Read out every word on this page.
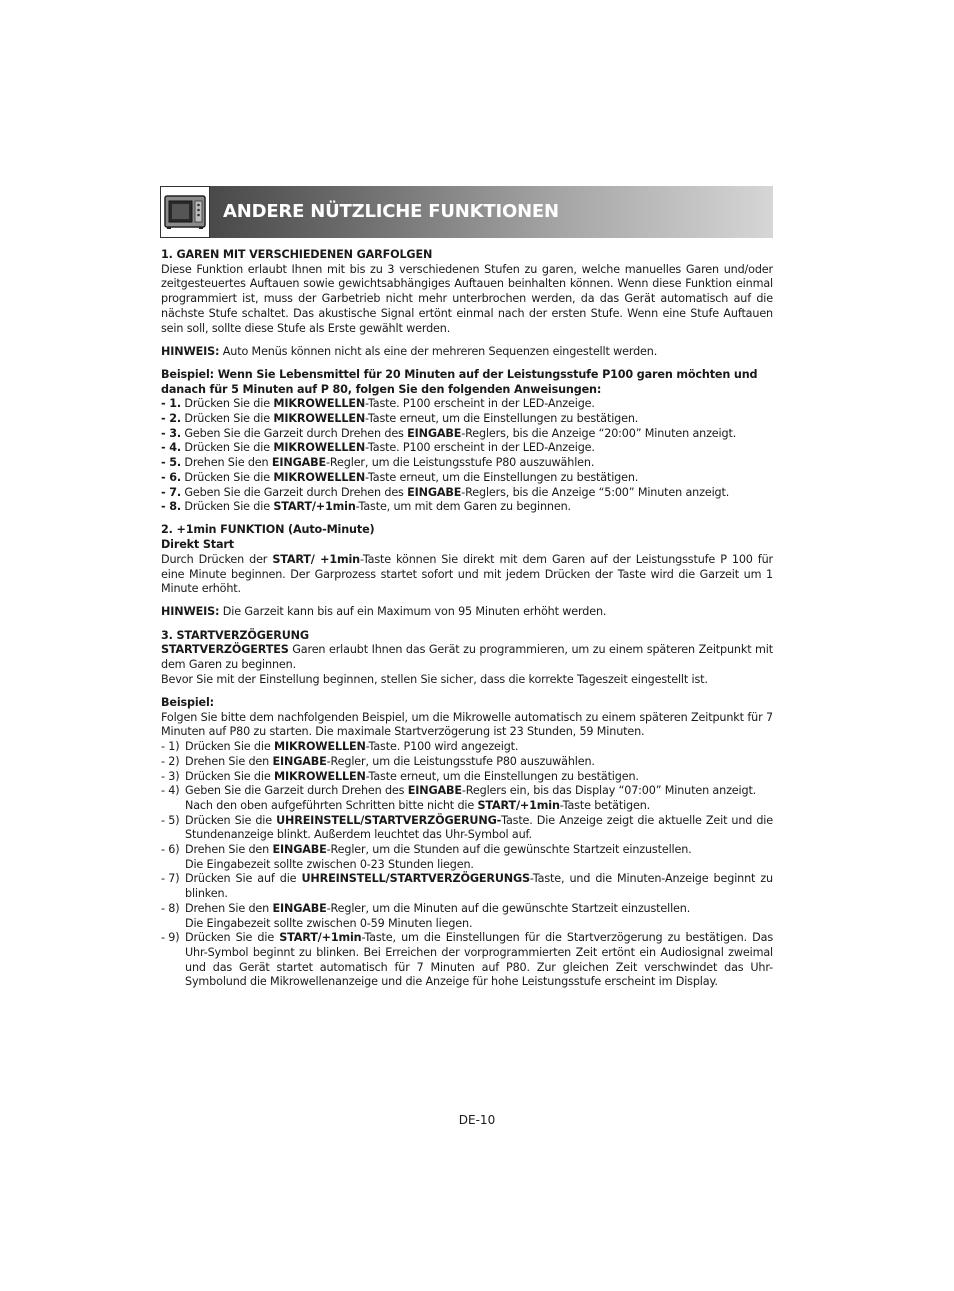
ANDERE NÜTZLICHE FUNKTIONEN

1. GAREN MIT VERSCHIEDENEN GARFOLGEN

Diese Funktion erlaubt Ihnen mit bis zu 3 verschiedenen Stufen zu garen, welche manuelles Garen und/oder zeitgesteuertes Auftauen sowie gewichtsabhängiges Auftauen beinhalten können. Wenn diese Funktion einmal programmiert ist, muss der Garbetrieb nicht mehr unterbrochen werden, da das Gerät automatisch auf die nächste Stufe schaltet. Das akustische Signal ertönt einmal nach der ersten Stufe. Wenn eine Stufe Auftauen sein soll, sollte diese Stufe als Erste gewählt werden.

HINWEIS: Auto Menüs können nicht als eine der mehreren Sequenzen eingestellt werden.

Beispiel: Wenn Sie Lebensmittel für 20 Minuten auf der Leistungsstufe P100 garen möchten und danach für 5 Minuten auf P 80, folgen Sie den folgenden Anweisungen:

- 1. Drücken Sie die MIKROWELLEN-Taste. P100 erscheint in der LED-Anzeige.

- 2. Drücken Sie die MIKROWELLEN-Taste erneut, um die Einstellungen zu bestätigen.

- 3. Geben Sie die Garzeit durch Drehen des EINGABE-Reglers, bis die Anzeige “20:00” Minuten anzeigt.

- 4. Drücken Sie die MIKROWELLEN-Taste. P100 erscheint in der LED-Anzeige.

- 5. Drehen Sie den EINGABE-Regler, um die Leistungsstufe P80 auszuwählen.

- 6. Drücken Sie die MIKROWELLEN-Taste erneut, um die Einstellungen zu bestätigen.

- 7. Geben Sie die Garzeit durch Drehen des EINGABE-Reglers, bis die Anzeige “5:00” Minuten anzeigt.

- 8. Drücken Sie die START/+1min-Taste, um mit dem Garen zu beginnen.

2. +1min FUNKTION (Auto-Minute)

Direkt Start

Durch Drücken der START/ +1min-Taste können Sie direkt mit dem Garen auf der Leistungsstufe P 100 für eine Minute beginnen. Der Garprozess startet sofort und mit jedem Drücken der Taste wird die Garzeit um 1 Minute erhöht.

HINWEIS: Die Garzeit kann bis auf ein Maximum von 95 Minuten erhöht werden.

3. STARTVERZÖGERUNG

STARTVERZÖGERTES Garen erlaubt Ihnen das Gerät zu programmieren, um zu einem späteren Zeitpunkt mit dem Garen zu beginnen.

Bevor Sie mit der Einstellung beginnen, stellen Sie sicher, dass die korrekte Tageszeit eingestellt ist.

Beispiel:

Folgen Sie bitte dem nachfolgenden Beispiel, um die Mikrowelle automatisch zu einem späteren Zeitpunkt für 7 Minuten auf P80 zu starten. Die maximale Startverzögerung ist 23 Stunden, 59 Minuten.

- 1) Drücken Sie die MIKROWELLEN-Taste. P100 wird angezeigt.
- 2) Drehen Sie den EINGABE-Regler, um die Leistungsstufe P80 auszuwählen.
- 3) Drücken Sie die MIKROWELLEN-Taste erneut, um die Einstellungen zu bestätigen.
- 4) Geben Sie die Garzeit durch Drehen des EINGABE-Reglers ein, bis das Display “07:00” Minuten anzeigt.
Nach den oben aufgeführten Schritten bitte nicht die START/+1min-Taste betätigen.
- 5) Drücken Sie die UHREINSTELL/STARTVERZÖGERUNG-Taste. Die Anzeige zeigt die aktuelle Zeit und die Stundenanzeige blinkt. Außerdem leuchtet das Uhr-Symbol auf.
- 6) Drehen Sie den EINGABE-Regler, um die Stunden auf die gewünschte Startzeit einzustellen.
Die Eingabezeit sollte zwischen 0-23 Stunden liegen.
- 7) Drücken Sie auf die UHREINSTELL/STARTVERZÖGERUNGS-Taste, und die Minuten-Anzeige beginnt zu blinken.
- 8) Drehen Sie den EINGABE-Regler, um die Minuten auf die gewünschte Startzeit einzustellen.
Die Eingabezeit sollte zwischen 0-59 Minuten liegen.
- 9) Drücken Sie die START/+1min-Taste, um die Einstellungen für die Startverzögerung zu bestätigen. Das Uhr-Symbol beginnt zu blinken. Bei Erreichen der vorprogrammierten Zeit ertönt ein Audiosignal zweimal und das Gerät startet automatisch für 7 Minuten auf P80. Zur gleichen Zeit verschwindet das Uhr-Symbolund die Mikrowellenanzeige und die Anzeige für hohe Leistungsstufe erscheint im Display.
DE-10
